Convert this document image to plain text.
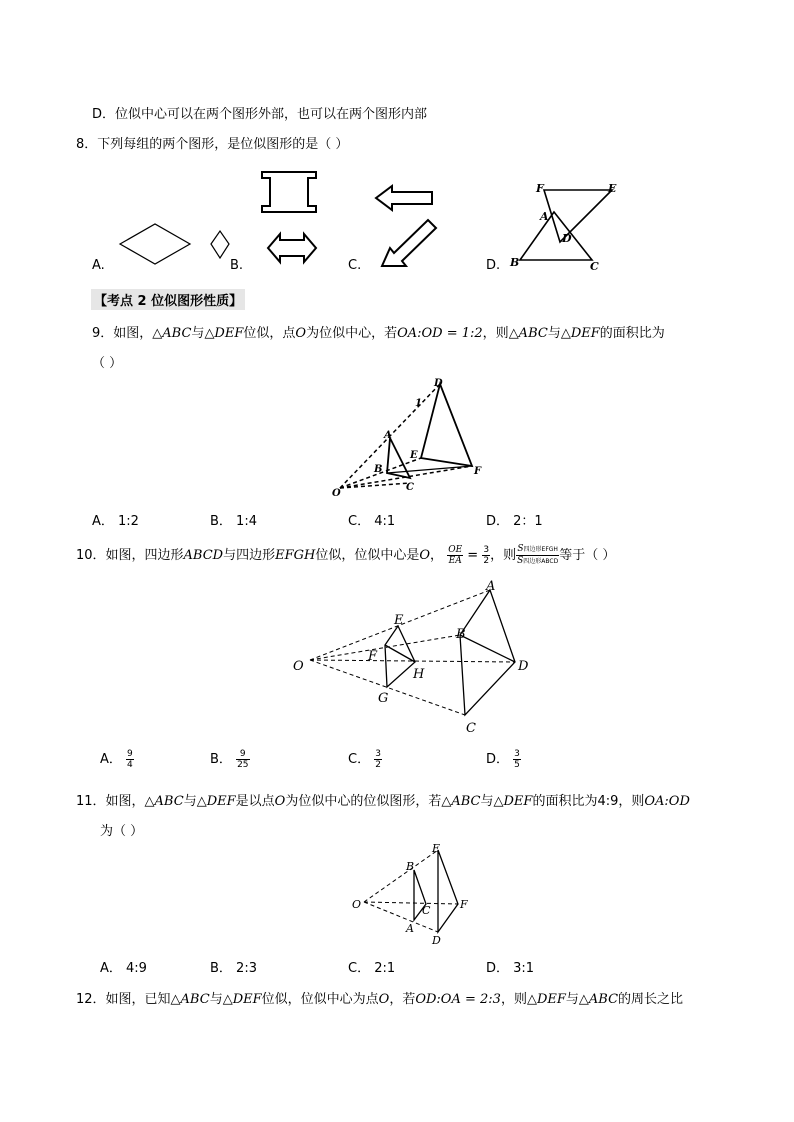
D．位似中心可以在两个图形外部，也可以在两个图形内部
8．下列每组的两个图形，是位似图形的是（ ）
A.	B.	C.	D.
F	E
A
D
B	C
【考点 2 位似图形性质】
9．如图，△ABC与△DEF位似，点O为位似中心，若OA:OD = 1:2，则△ABC与△DEF的面积比为
（ ）
D
1
A
E
B
C
F
O
A． 1:2	B． 1:4	C． 4:1	D． 2：1
10．如图，四边形ABCD与四边形EFGH位似，位似中心是O， $\frac{OE}{EA} = \frac{3}{2}$ ，则 $\frac{\text{S四边形EFGH}}{\text{S四边形ABCD}}$ 等于（ ）
A
B
E
F
H
D
O
G
C
A． $\frac{9}{4}$	B． $\frac{9}{25}$	C． $\frac{3}{2}$	D． $\frac{3}{5}$
11．如图，△ABC与△DEF是以点O为位似中心的位似图形，若△ABC与△DEF的面积比为4:9，则OA:OD
为（ ）
B
E
O	C	F
A
D
A． 4:9	B． 2:3	C． 2:1	D． 3:1
12．如图，已知△ABC与△DEF位似，位似中心为点O，若OD:OA = 2:3，则△DEF与△ABC的周长之比
